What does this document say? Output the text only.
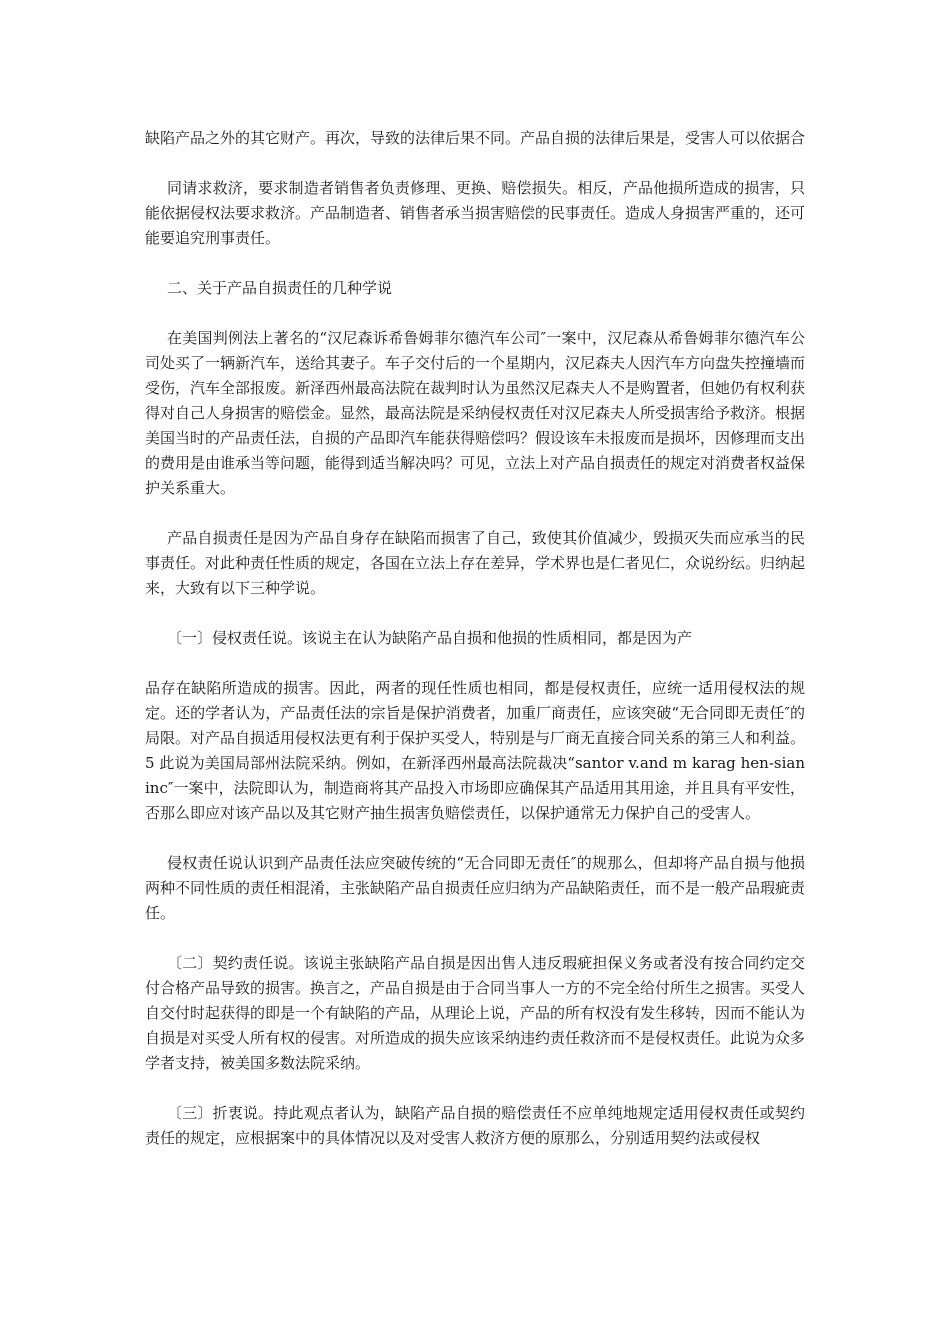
缺陷产品之外的其它财产。再次，导致的法律后果不同。产品自损的法律后果是，受害人可以依据合

同请求救济，要求制造者销售者负责修理、更换、赔偿损失。相反，产品他损所造成的损害，只能依据侵权法要求救济。产品制造者、销售者承当损害赔偿的民事责任。造成人身损害严重的，还可能要追究刑事责任。

二、关于产品自损责任的几种学说

在美国判例法上著名的“汉尼森诉希鲁姆菲尔德汽车公司″一案中，汉尼森从希鲁姆菲尔德汽车公司处买了一辆新汽车，送给其妻子。车子交付后的一个星期内，汉尼森夫人因汽车方向盘失控撞墙而受伤，汽车全部报废。新泽西州最高法院在裁判时认为虽然汉尼森夫人不是购置者，但她仍有权利获得对自己人身损害的赔偿金。显然，最高法院是采纳侵权责任对汉尼森夫人所受损害给予救济。根据美国当时的产品责任法，自损的产品即汽车能获得赔偿吗？假设该车未报废而是损坏，因修理而支出的费用是由谁承当等问题，能得到适当解决吗？可见，立法上对产品自损责任的规定对消费者权益保护关系重大。

产品自损责任是因为产品自身存在缺陷而损害了自己，致使其价值减少，毁损灭失而应承当的民事责任。对此种责任性质的规定，各国在立法上存在差异，学术界也是仁者见仁，众说纷纭。归纳起来，大致有以下三种学说。

〔一〕侵权责任说。该说主在认为缺陷产品自损和他损的性质相同，都是因为产

品存在缺陷所造成的损害。因此，两者的现任性质也相同，都是侵权责任，应统一适用侵权法的规定。还的学者认为，产品责任法的宗旨是保护消费者，加重厂商责任，应该突破“无合同即无责任″的局限。对产品自损适用侵权法更有利于保护买受人，特别是与厂商无直接合同关系的第三人和利益。5 此说为美国局部州法院采纳。例如，在新泽西州最高法院裁决“santor v.and m karag hen-sian inc″一案中，法院即认为，制造商将其产品投入市场即应确保其产品适用其用途，并且具有平安性，否那么即应对该产品以及其它财产抽生损害负赔偿责任，以保护通常无力保护自己的受害人。

侵权责任说认识到产品责任法应突破传统的“无合同即无责任″的规那么，但却将产品自损与他损两种不同性质的责任相混淆，主张缺陷产品自损责任应归纳为产品缺陷责任，而不是一般产品瑕疵责任。

〔二〕契约责任说。该说主张缺陷产品自损是因出售人违反瑕疵担保义务或者没有按合同约定交付合格产品导致的损害。换言之，产品自损是由于合同当事人一方的不完全给付所生之损害。买受人自交付时起获得的即是一个有缺陷的产品，从理论上说，产品的所有权没有发生移转，因而不能认为自损是对买受人所有权的侵害。对所造成的损失应该采纳违约责任救济而不是侵权责任。此说为众多学者支持，被美国多数法院采纳。

〔三〕折衷说。持此观点者认为，缺陷产品自损的赔偿责任不应单纯地规定适用侵权责任或契约责任的规定，应根据案中的具体情况以及对受害人救济方便的原那么，分别适用契约法或侵权
